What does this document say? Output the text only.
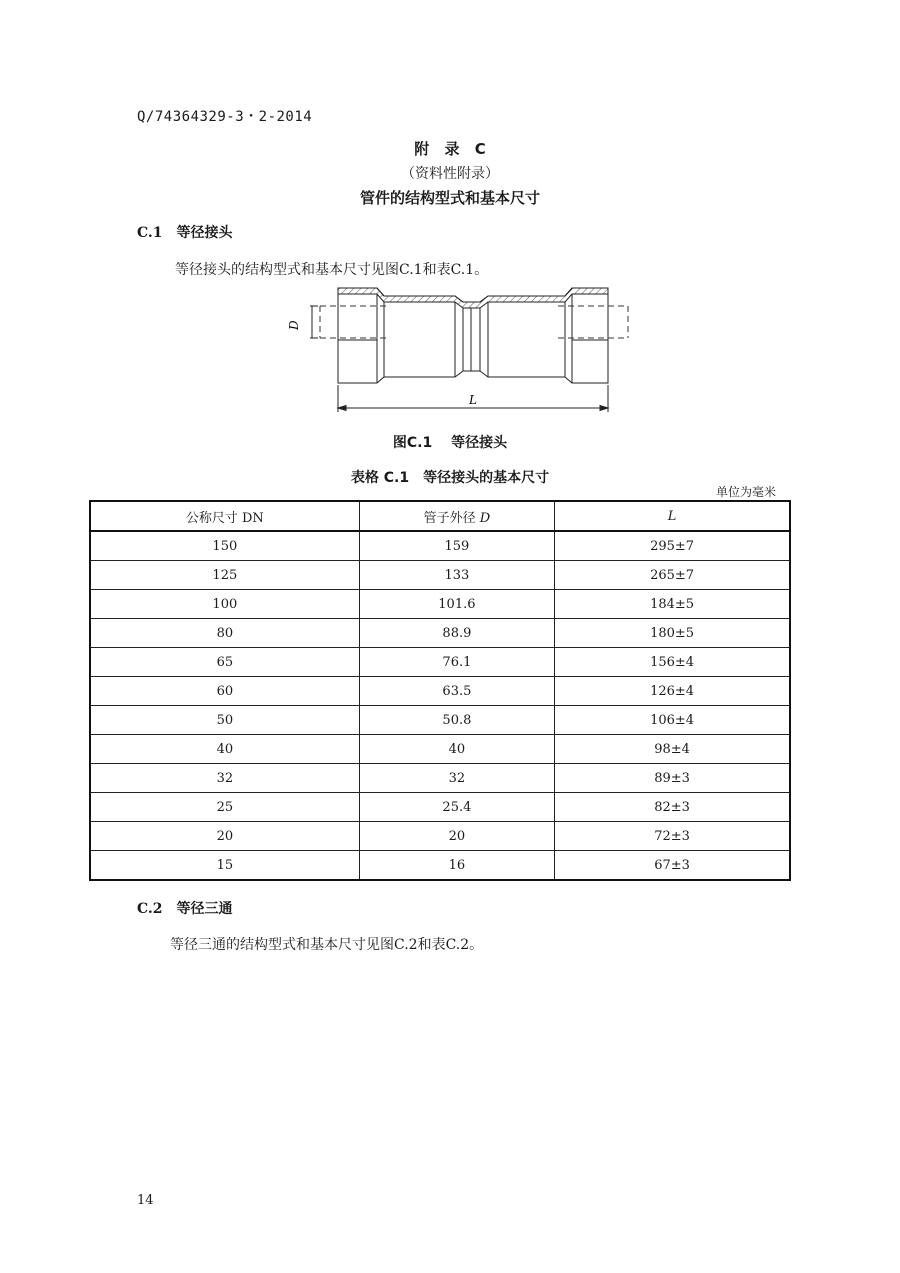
Q/74364329-3・2-2014
附 录 C
（资料性附录）
管件的结构型式和基本尺寸
C.1 等径接头
等径接头的结构型式和基本尺寸见图C.1和表C.1。
D
L
图C.1　 等径接头
表格 C.1　等径接头的基本尺寸
单位为毫米
公称尺寸 DN	管子外径 D	L
150	159	295±7
125	133	265±7
100	101.6	184±5
80	88.9	180±5
65	76.1	156±4
60	63.5	126±4
50	50.8	106±4
40	40	98±4
32	32	89±3
25	25.4	82±3
20	20	72±3
15	16	67±3
C.2 等径三通
等径三通的结构型式和基本尺寸见图C.2和表C.2。
14
